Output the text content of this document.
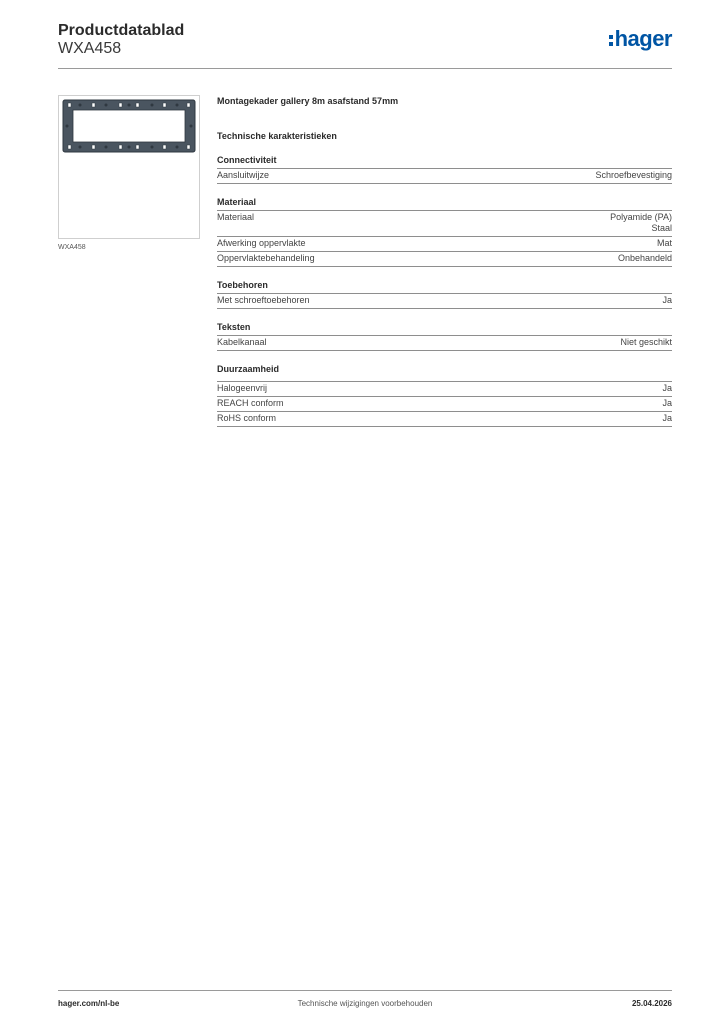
Productdatablad
WXA458	hager
WXA458
Montagekader gallery 8m asafstand 57mm
Technische karakteristieken
Connectiviteit
Aansluitwijze	Schroefbevestiging
Materiaal
Materiaal	Polyamide (PA)
Staal
Afwerking oppervlakte	Mat
Oppervlaktebehandeling	Onbehandeld
Toebehoren
Met schroeftoebehoren	Ja
Teksten
Kabelkanaal	Niet geschikt
Duurzaamheid
Halogeenvrij	Ja
REACH conform	Ja
RoHS conform	Ja
hager.com/nl-be	Technische wijzigingen voorbehouden	25.04.2026
